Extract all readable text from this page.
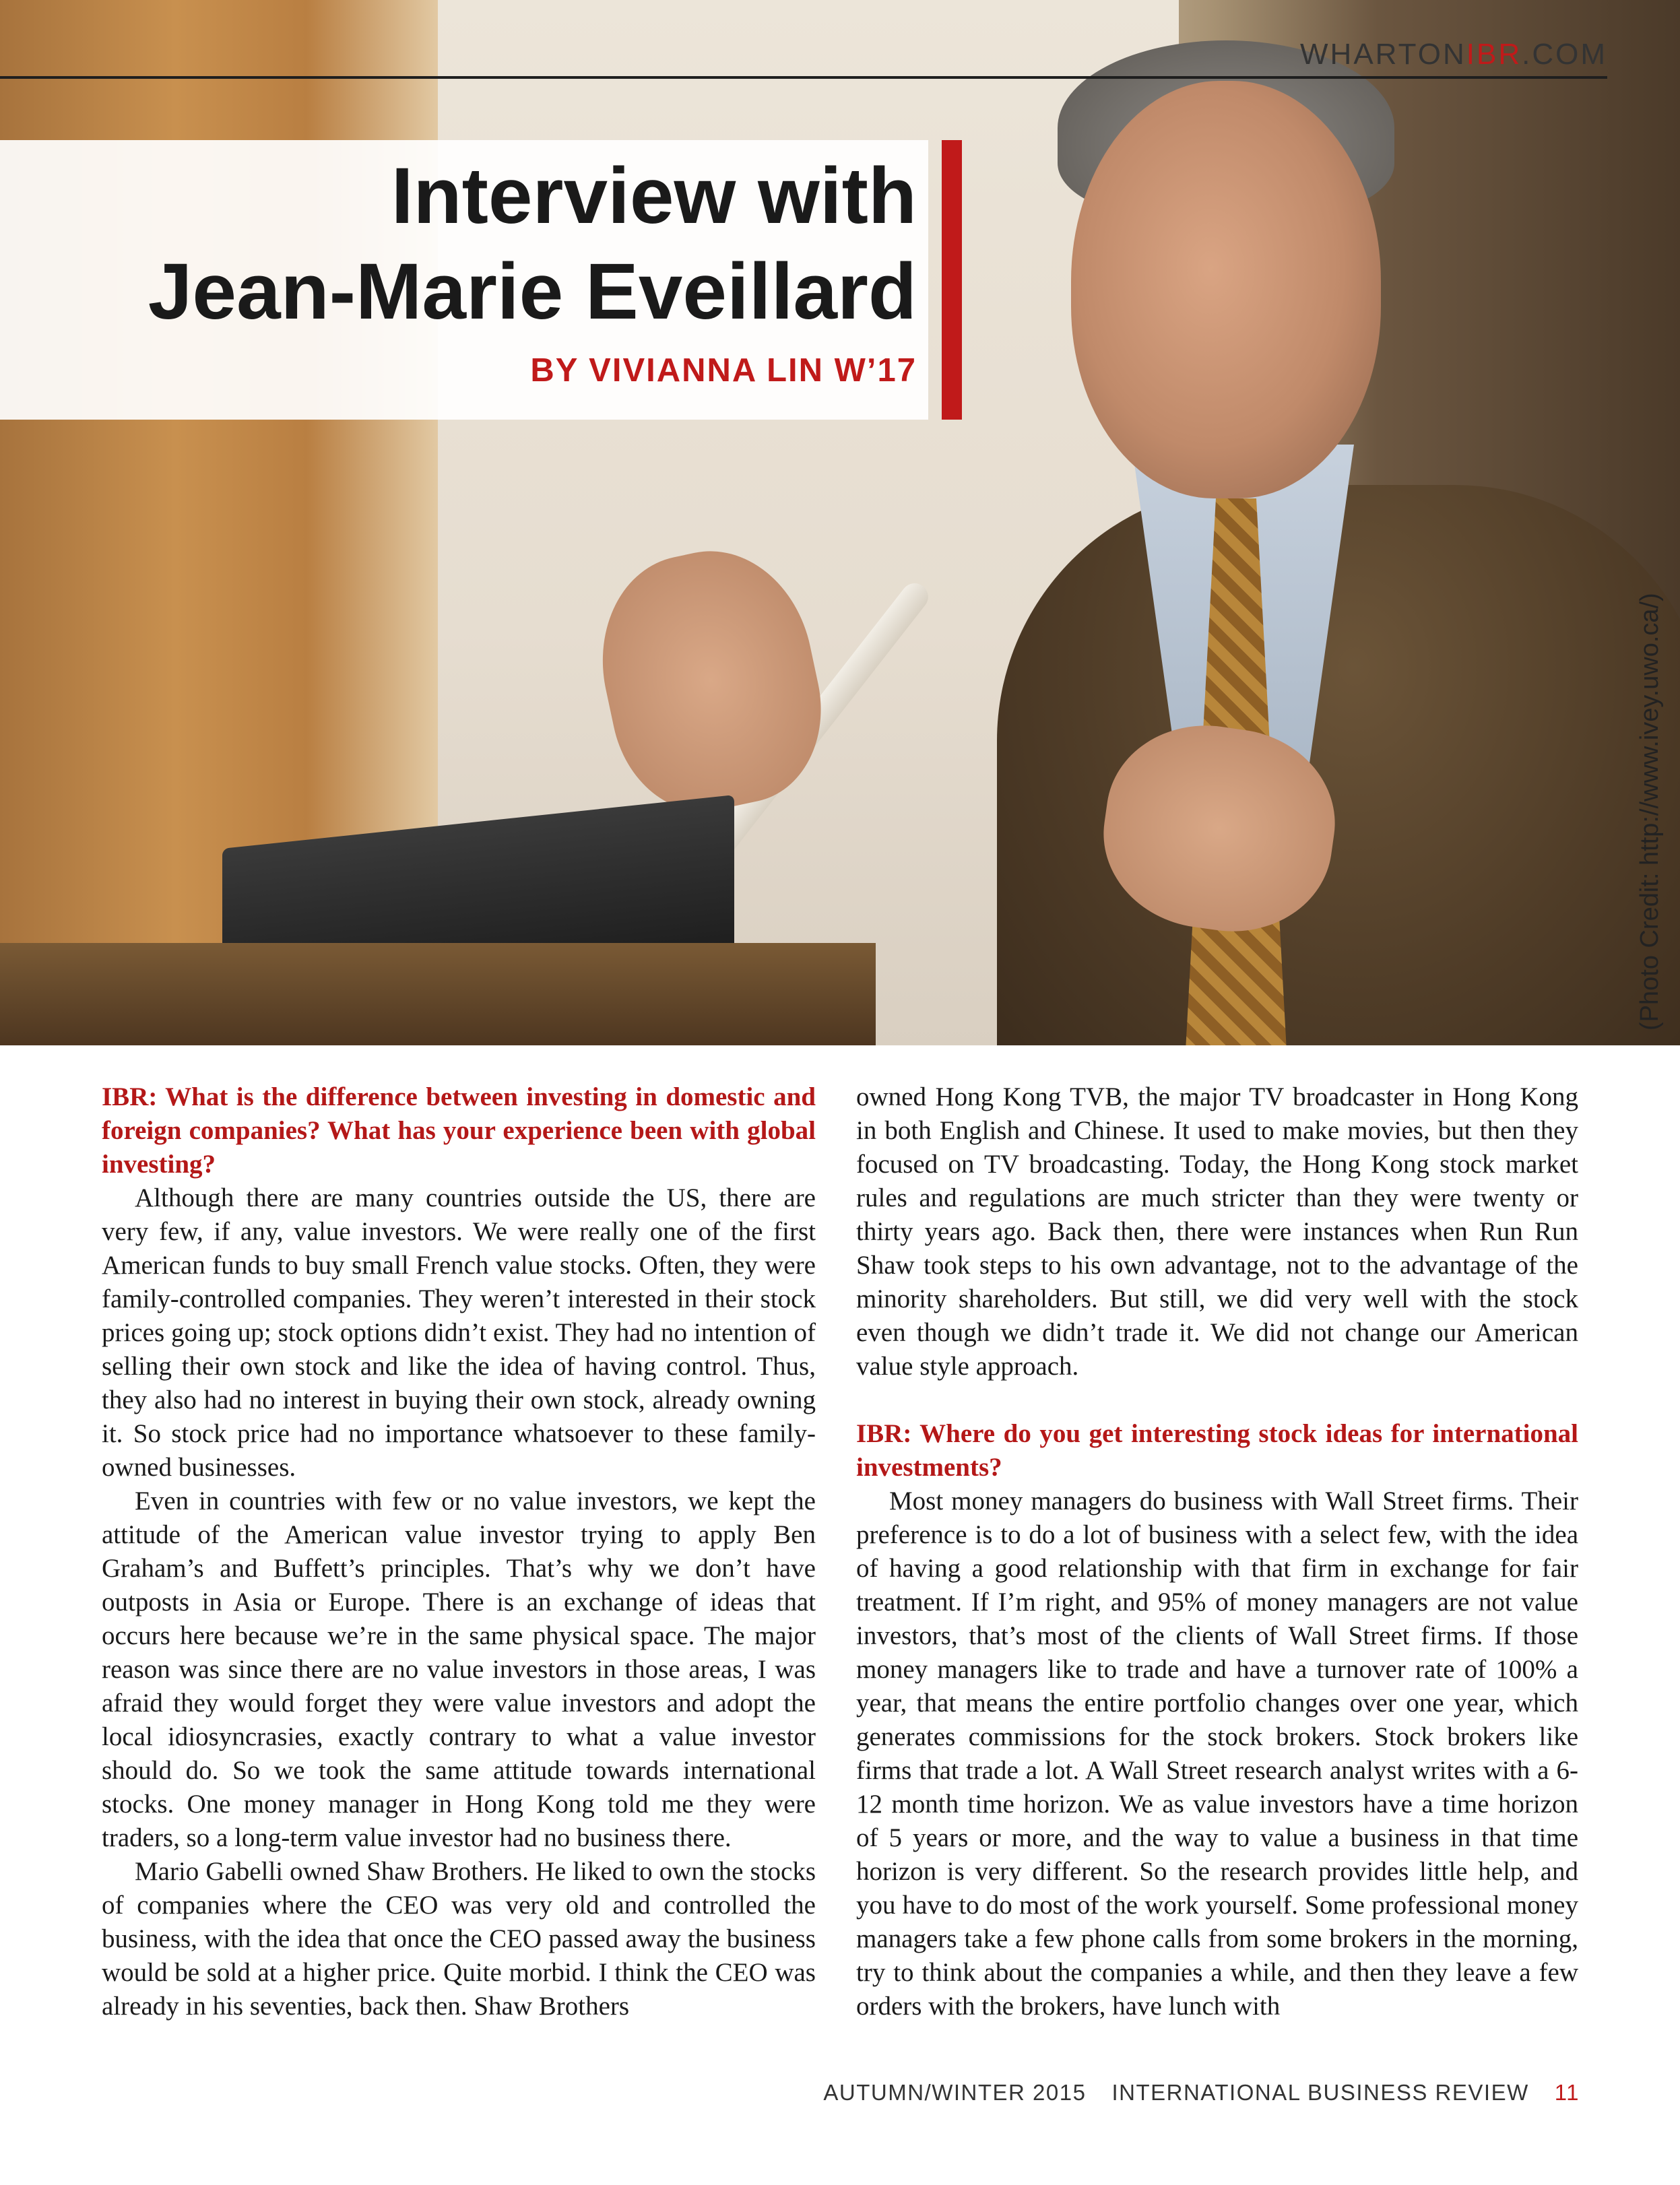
WHARTONIBR.COM
Interview with
Jean-Marie Eveillard
BY VIVIANNA LIN W’17
(Photo Credit: http://www.ivey.uwo.ca/)

IBR: What is the difference between investing in domestic and foreign companies? What has your experience been with global investing?

Although there are many countries outside the US, there are very few, if any, value investors. We were really one of the first American funds to buy small French value stocks. Often, they were family-controlled companies. They weren’t interested in their stock prices going up; stock options didn’t exist. They had no intention of selling their own stock and like the idea of having control. Thus, they also had no interest in buying their own stock, already owning it. So stock price had no importance whatsoever to these family-owned businesses.

Even in countries with few or no value investors, we kept the attitude of the American value investor trying to apply Ben Graham’s and Buffett’s principles. That’s why we don’t have outposts in Asia or Europe. There is an exchange of ideas that occurs here because we’re in the same physical space. The major reason was since there are no value investors in those areas, I was afraid they would forget they were value investors and adopt the local idiosyncrasies, exactly contrary to what a value investor should do. So we took the same attitude towards international stocks. One money manager in Hong Kong told me they were traders, so a long-term value investor had no business there.

Mario Gabelli owned Shaw Brothers. He liked to own the stocks of companies where the CEO was very old and controlled the business, with the idea that once the CEO passed away the business would be sold at a higher price. Quite morbid. I think the CEO was already in his seventies, back then. Shaw Brothers

owned Hong Kong TVB, the major TV broadcaster in Hong Kong in both English and Chinese. It used to make movies, but then they focused on TV broadcasting. Today, the Hong Kong stock market rules and regulations are much stricter than they were twenty or thirty years ago. Back then, there were instances when Run Run Shaw took steps to his own advantage, not to the advantage of the minority shareholders. But still, we did very well with the stock even though we didn’t trade it. We did not change our American value style approach.

IBR: Where do you get interesting stock ideas for international investments?

Most money managers do business with Wall Street firms. Their preference is to do a lot of business with a select few, with the idea of having a good relationship with that firm in exchange for fair treatment. If I’m right, and 95% of money managers are not value investors, that’s most of the clients of Wall Street firms. If those money managers like to trade and have a turnover rate of 100% a year, that means the entire portfolio changes over one year, which generates commissions for the stock brokers. Stock brokers like firms that trade a lot. A Wall Street research analyst writes with a 6-12 month time horizon. We as value investors have a time horizon of 5 years or more, and the way to value a business in that time horizon is very different. So the research provides little help, and you have to do most of the work yourself. Some professional money managers take a few phone calls from some brokers in the morning, try to think about the companies a while, and then they leave a few orders with the brokers, have lunch with

AUTUMN/WINTER 2015 INTERNATIONAL BUSINESS REVIEW 11
